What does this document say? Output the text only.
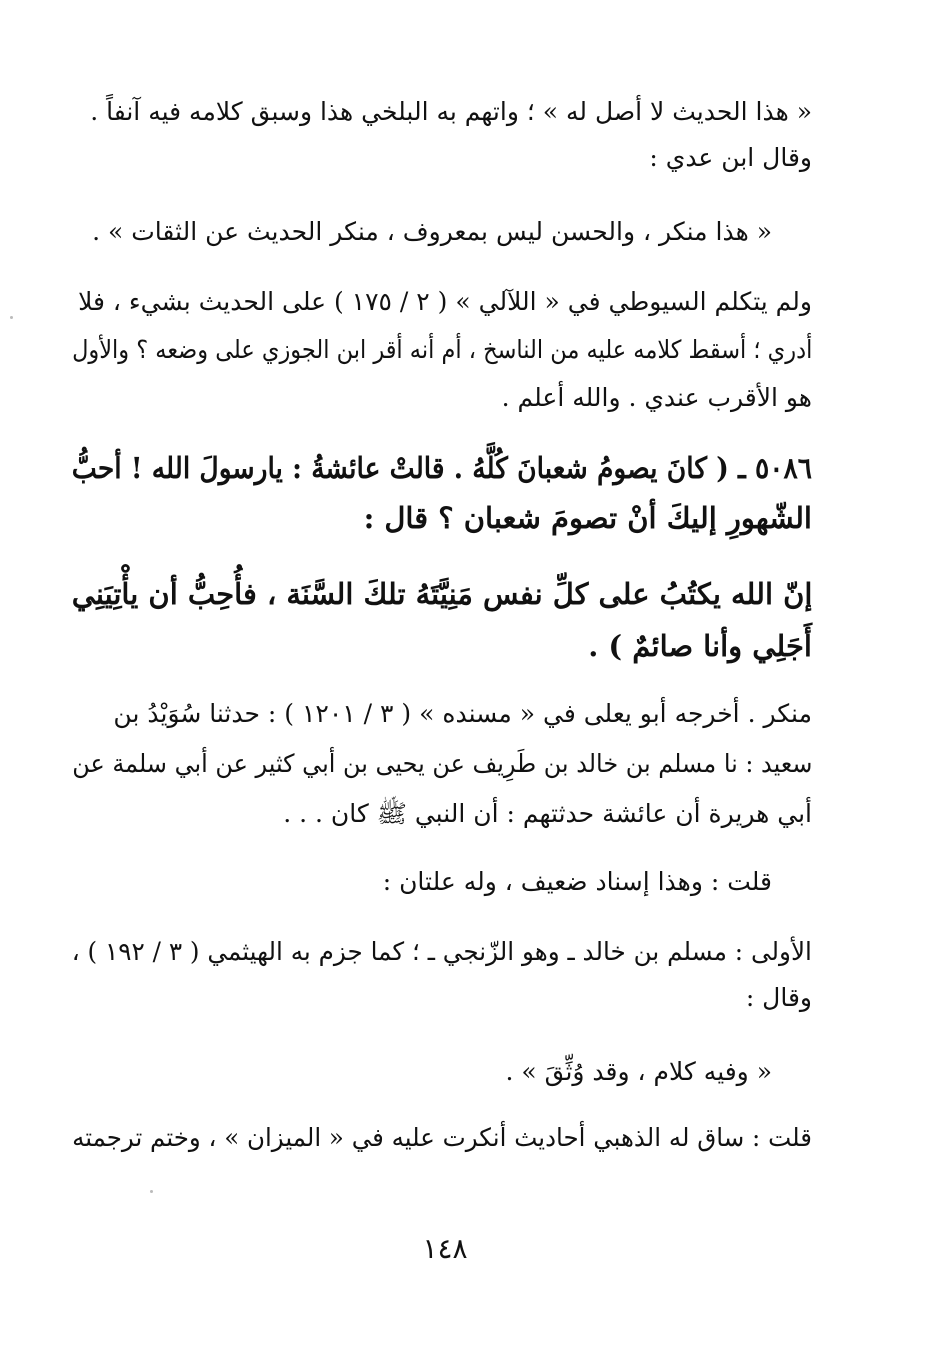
« هذا الحديث لا أصل له » ؛ واتهم به البلخي هذا وسبق كلامه فيه آنفاً .
وقال ابن عدي :
« هذا منكر ، والحسن ليس بمعروف ، منكر الحديث عن الثقات » .
ولم يتكلم السيوطي في « اللآلي » ( ٢ / ١٧٥ ) على الحديث بشيء ، فلا
أدري ؛ أسقط كلامه عليه من الناسخ ، أم أنه أقر ابن الجوزي على وضعه ؟ والأول
هو الأقرب عندي . والله أعلم .
٥٠٨٦ ـ ( كانَ يصومُ شعبانَ كُلَّهُ . قالتْ عائشةُ : يارسولَ الله ! أحبُّ
الشّهورِ إليكَ أنْ تصومَ شعبان ؟ قال :
إنّ الله يكتُبُ على كلِّ نفس مَنِيَّتَهُ تلكَ السَّنَة ، فأُحِبُّ أن يأْتِيَنِي
أَجَلِي وأنا صائمٌ ) .
منكر . أخرجه أبو يعلى في « مسنده » ( ٣ / ١٢٠١ ) : حدثنا سُوَيْدُ بن
سعيد : نا مسلم بن خالد بن طَرِيف عن يحيى بن أبي كثير عن أبي سلمة عن
أبي هريرة أن عائشة حدثتهم : أن النبي ﷺ كان . . .
قلت : وهذا إسناد ضعيف ، وله علتان :
الأولى : مسلم بن خالد ـ وهو الزّنجي ـ ؛ كما جزم به الهيثمي ( ٣ / ١٩٢ ) ،
وقال :
« وفيه كلام ، وقد وُثِّقَ » .
قلت : ساق له الذهبي أحاديث أنكرت عليه في « الميزان » ، وختم ترجمته
١٤٨
